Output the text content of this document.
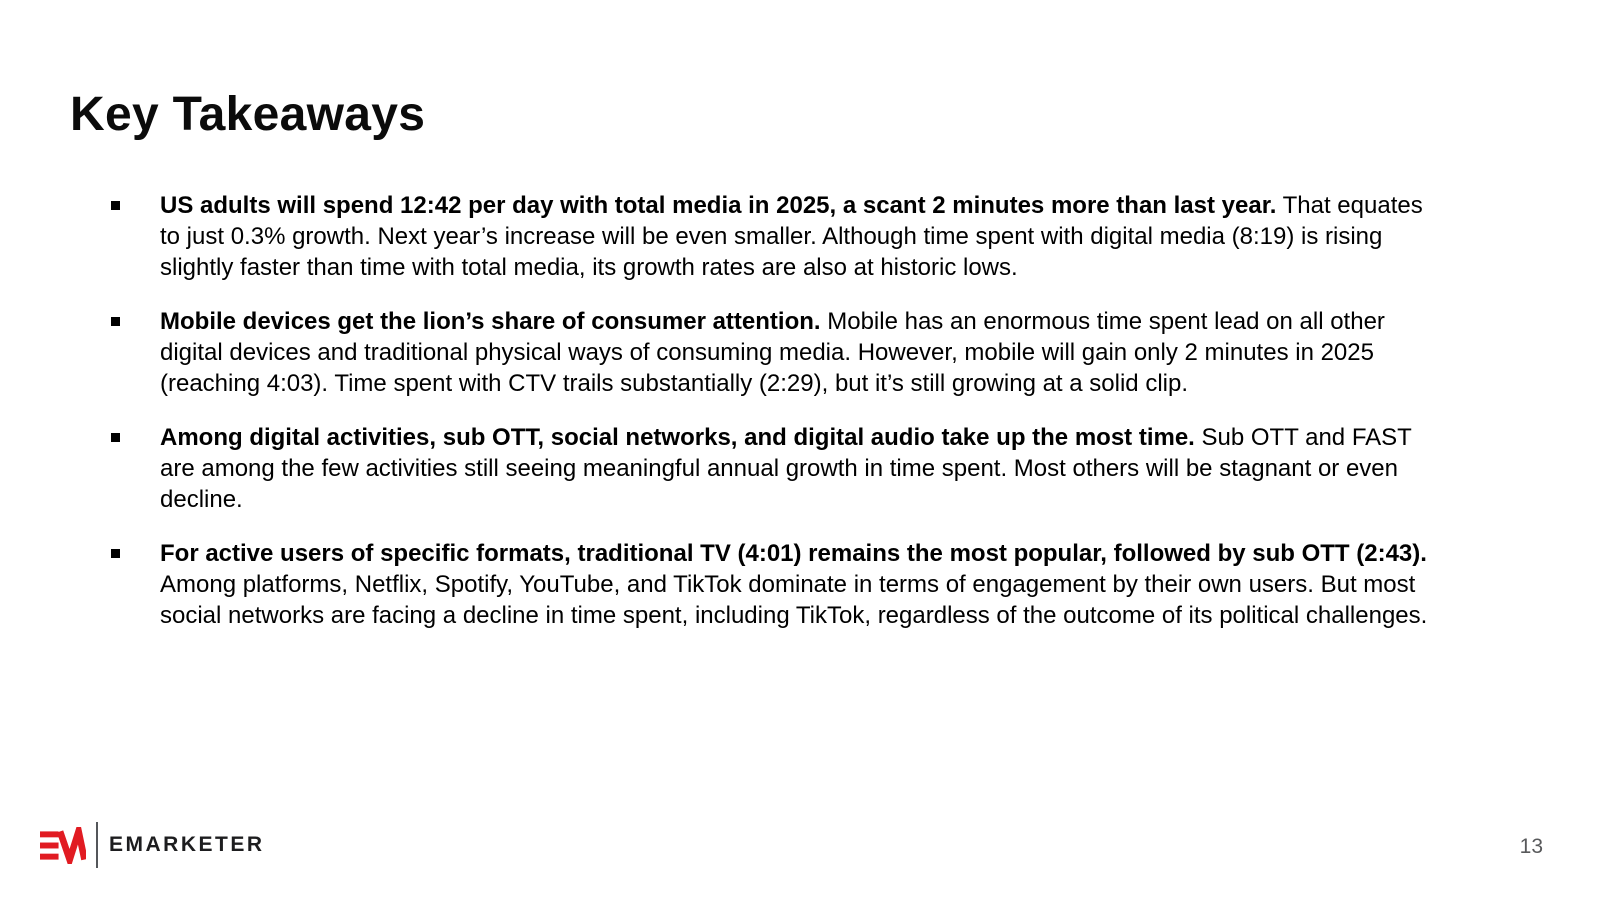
Key Takeaways
US adults will spend 12:42 per day with total media in 2025, a scant 2 minutes more than last year. That equates to just 0.3% growth. Next year’s increase will be even smaller. Although time spent with digital media (8:19) is rising slightly faster than time with total media, its growth rates are also at historic lows.
Mobile devices get the lion’s share of consumer attention. Mobile has an enormous time spent lead on all other digital devices and traditional physical ways of consuming media. However, mobile will gain only 2 minutes in 2025 (reaching 4:03). Time spent with CTV trails substantially (2:29), but it’s still growing at a solid clip.
Among digital activities, sub OTT, social networks, and digital audio take up the most time. Sub OTT and FAST are among the few activities still seeing meaningful annual growth in time spent. Most others will be stagnant or even decline.
For active users of specific formats, traditional TV (4:01) remains the most popular, followed by sub OTT (2:43). Among platforms, Netflix, Spotify, YouTube, and TikTok dominate in terms of engagement by their own users. But most social networks are facing a decline in time spent, including TikTok, regardless of the outcome of its political challenges.
EMARKETER	13
